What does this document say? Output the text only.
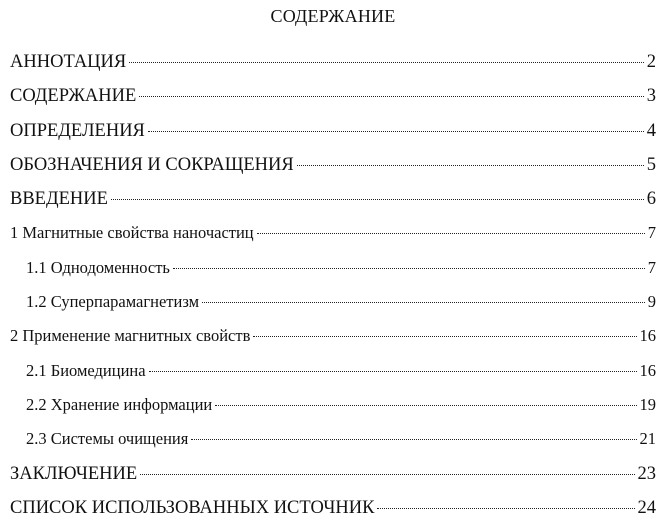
СОДЕРЖАНИЕ
АННОТАЦИЯ	2
СОДЕРЖАНИЕ	3
ОПРЕДЕЛЕНИЯ	4
ОБОЗНАЧЕНИЯ И СОКРАЩЕНИЯ	5
ВВЕДЕНИЕ	6
1 Магнитные свойства наночастиц	7
1.1 Однодоменность	7
1.2 Суперпарамагнетизм	9
2 Применение магнитных свойств	16
2.1 Биомедицина	16
2.2 Хранение информации	19
2.3 Системы очищения	21
ЗАКЛЮЧЕНИЕ	23
СПИСОК ИСПОЛЬЗОВАННЫХ ИСТОЧНИК	24
